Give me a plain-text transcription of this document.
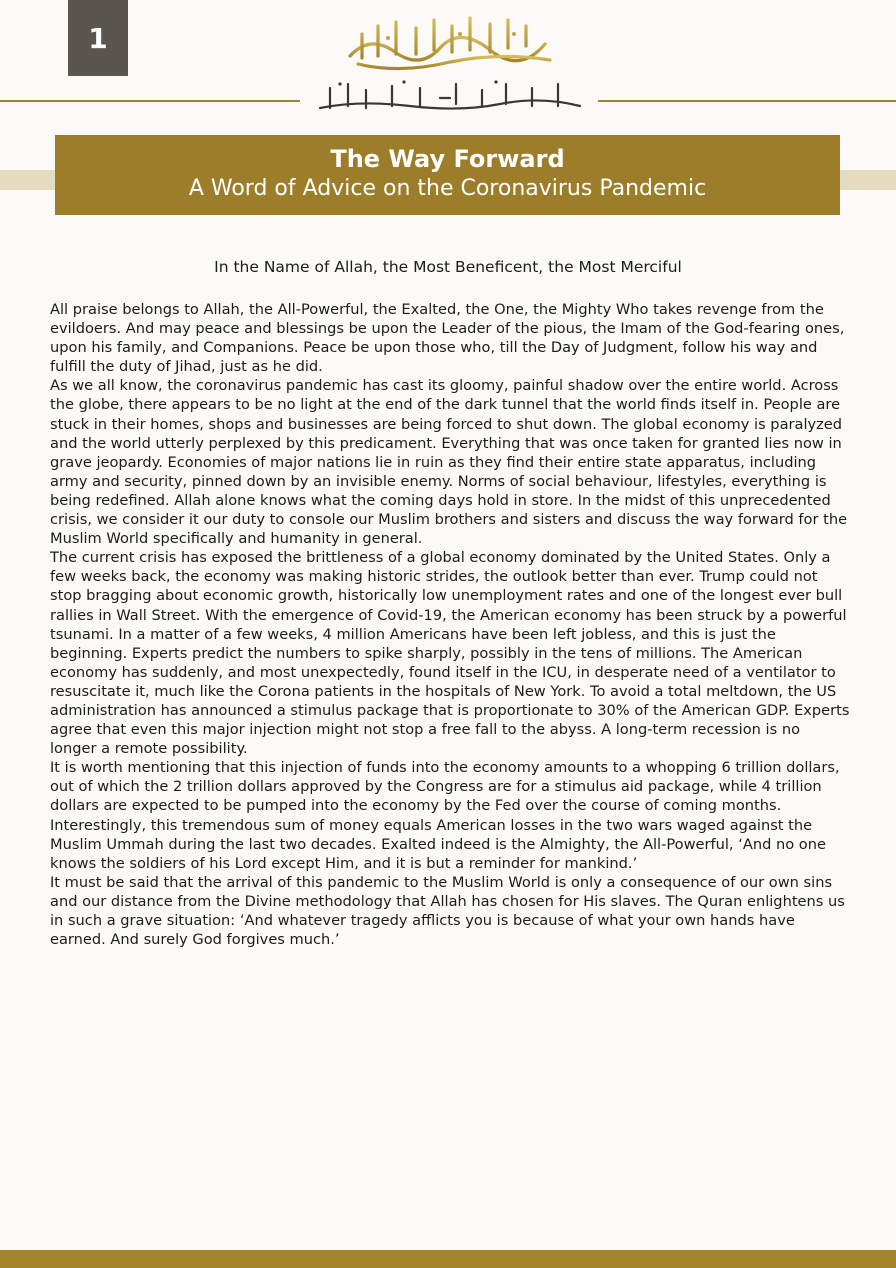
1
The Way Forward
A Word of Advice on the Coronavirus Pandemic
In the Name of Allah, the Most Beneficent, the Most Merciful

All praise belongs to Allah, the All-Powerful, the Exalted, the One, the Mighty Who takes revenge from the evildoers. And may peace and blessings be upon the Leader of the pious, the Imam of the God-fearing ones, upon his family, and Companions. Peace be upon those who, till the Day of Judgment, follow his way and fulfill the duty of Jihad, just as he did.

As we all know, the coronavirus pandemic has cast its gloomy, painful shadow over the entire world. Across the globe, there appears to be no light at the end of the dark tunnel that the world finds itself in. People are stuck in their homes, shops and businesses are being forced to shut down. The global economy is paralyzed and the world utterly perplexed by this predicament. Everything that was once taken for granted lies now in grave jeopardy. Economies of major nations lie in ruin as they find their entire state apparatus, including army and security, pinned down by an invisible enemy. Norms of social behaviour, lifestyles, everything is being redefined. Allah alone knows what the coming days hold in store. In the midst of this unprecedented crisis, we consider it our duty to console our Muslim brothers and sisters and discuss the way forward for the Muslim World specifically and humanity in general.

The current crisis has exposed the brittleness of a global economy dominated by the United States. Only a few weeks back, the economy was making historic strides, the outlook better than ever. Trump could not stop bragging about economic growth, historically low unemployment rates and one of the longest ever bull rallies in Wall Street. With the emergence of Covid-19, the American economy has been struck by a powerful tsunami. In a matter of a few weeks, 4 million Americans have been left jobless, and this is just the beginning. Experts predict the numbers to spike sharply, possibly in the tens of millions. The American economy has suddenly, and most unexpectedly, found itself in the ICU, in desperate need of a ventilator to resuscitate it, much like the Corona patients in the hospitals of New York. To avoid a total meltdown, the US administration has announced a stimulus package that is proportionate to 30% of the American GDP. Experts agree that even this major injection might not stop a free fall to the abyss. A long-term recession is no longer a remote possibility.

It is worth mentioning that this injection of funds into the economy amounts to a whopping 6 trillion dollars, out of which the 2 trillion dollars approved by the Congress are for a stimulus aid package, while 4 trillion dollars are expected to be pumped into the economy by the Fed over the course of coming months. Interestingly, this tremendous sum of money equals American losses in the two wars waged against the Muslim Ummah during the last two decades. Exalted indeed is the Almighty, the All-Powerful, ‘And no one knows the soldiers of his Lord except Him, and it is but a reminder for mankind.’

It must be said that the arrival of this pandemic to the Muslim World is only a consequence of our own sins and our distance from the Divine methodology that Allah has chosen for His slaves. The Quran enlightens us in such a grave situation: ‘And whatever tragedy afflicts you is because of what your own hands have earned. And surely God forgives much.’
